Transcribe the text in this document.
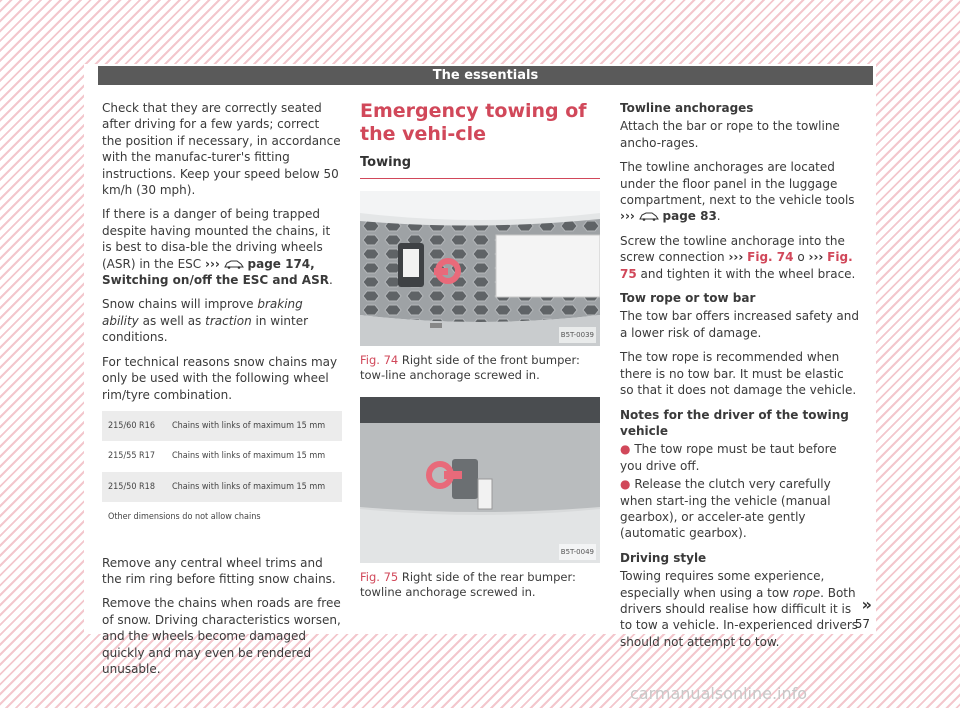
The essentials

Check that they are correctly seated after driving for a few yards; correct the position if necessary, in accordance with the manufac-turer's fitting instructions. Keep your speed below 50 km/h (30 mph).

If there is a danger of being trapped despite having mounted the chains, it is best to disa-ble the driving wheels (ASR) in the ESC ››› page 174, Switching on/off the ESC and ASR.

Snow chains will improve braking ability as well as traction in winter conditions.

For technical reasons snow chains may only be used with the following wheel rim/tyre combination.

215/60 R16	Chains with links of maximum 15 mm
215/55 R17	Chains with links of maximum 15 mm
215/50 R18	Chains with links of maximum 15 mm
Other dimensions do not allow chains	

Remove any central wheel trims and the rim ring before fitting snow chains.

Remove the chains when roads are free of snow. Driving characteristics worsen, and the wheels become damaged quickly and may even be rendered unusable.

Emergency towing of the vehi-cle
Towing
B5T-0039
Fig. 74 Right side of the front bumper: tow-line anchorage screwed in.
B5T-0049
Fig. 75 Right side of the rear bumper: towline anchorage screwed in.

Towline anchorages

Attach the bar or rope to the towline ancho-rages.

The towline anchorages are located under the floor panel in the luggage compartment, next to the vehicle tools ››› page 83.

Screw the towline anchorage into the screw connection ››› Fig. 74 o ››› Fig. 75 and tighten it with the wheel brace.

Tow rope or tow bar

The tow bar offers increased safety and a lower risk of damage.

The tow rope is recommended when there is no tow bar. It must be elastic so that it does not damage the vehicle.

Notes for the driver of the towing vehicle

● The tow rope must be taut before you drive off.

● Release the clutch very carefully when start-ing the vehicle (manual gearbox), or acceler-ate gently (automatic gearbox).

Driving style

Towing requires some experience, especially when using a tow rope. Both drivers should realise how difficult it is to tow a vehicle. In-experienced drivers should not attempt to tow.

»
57
carmanualsonline.info
